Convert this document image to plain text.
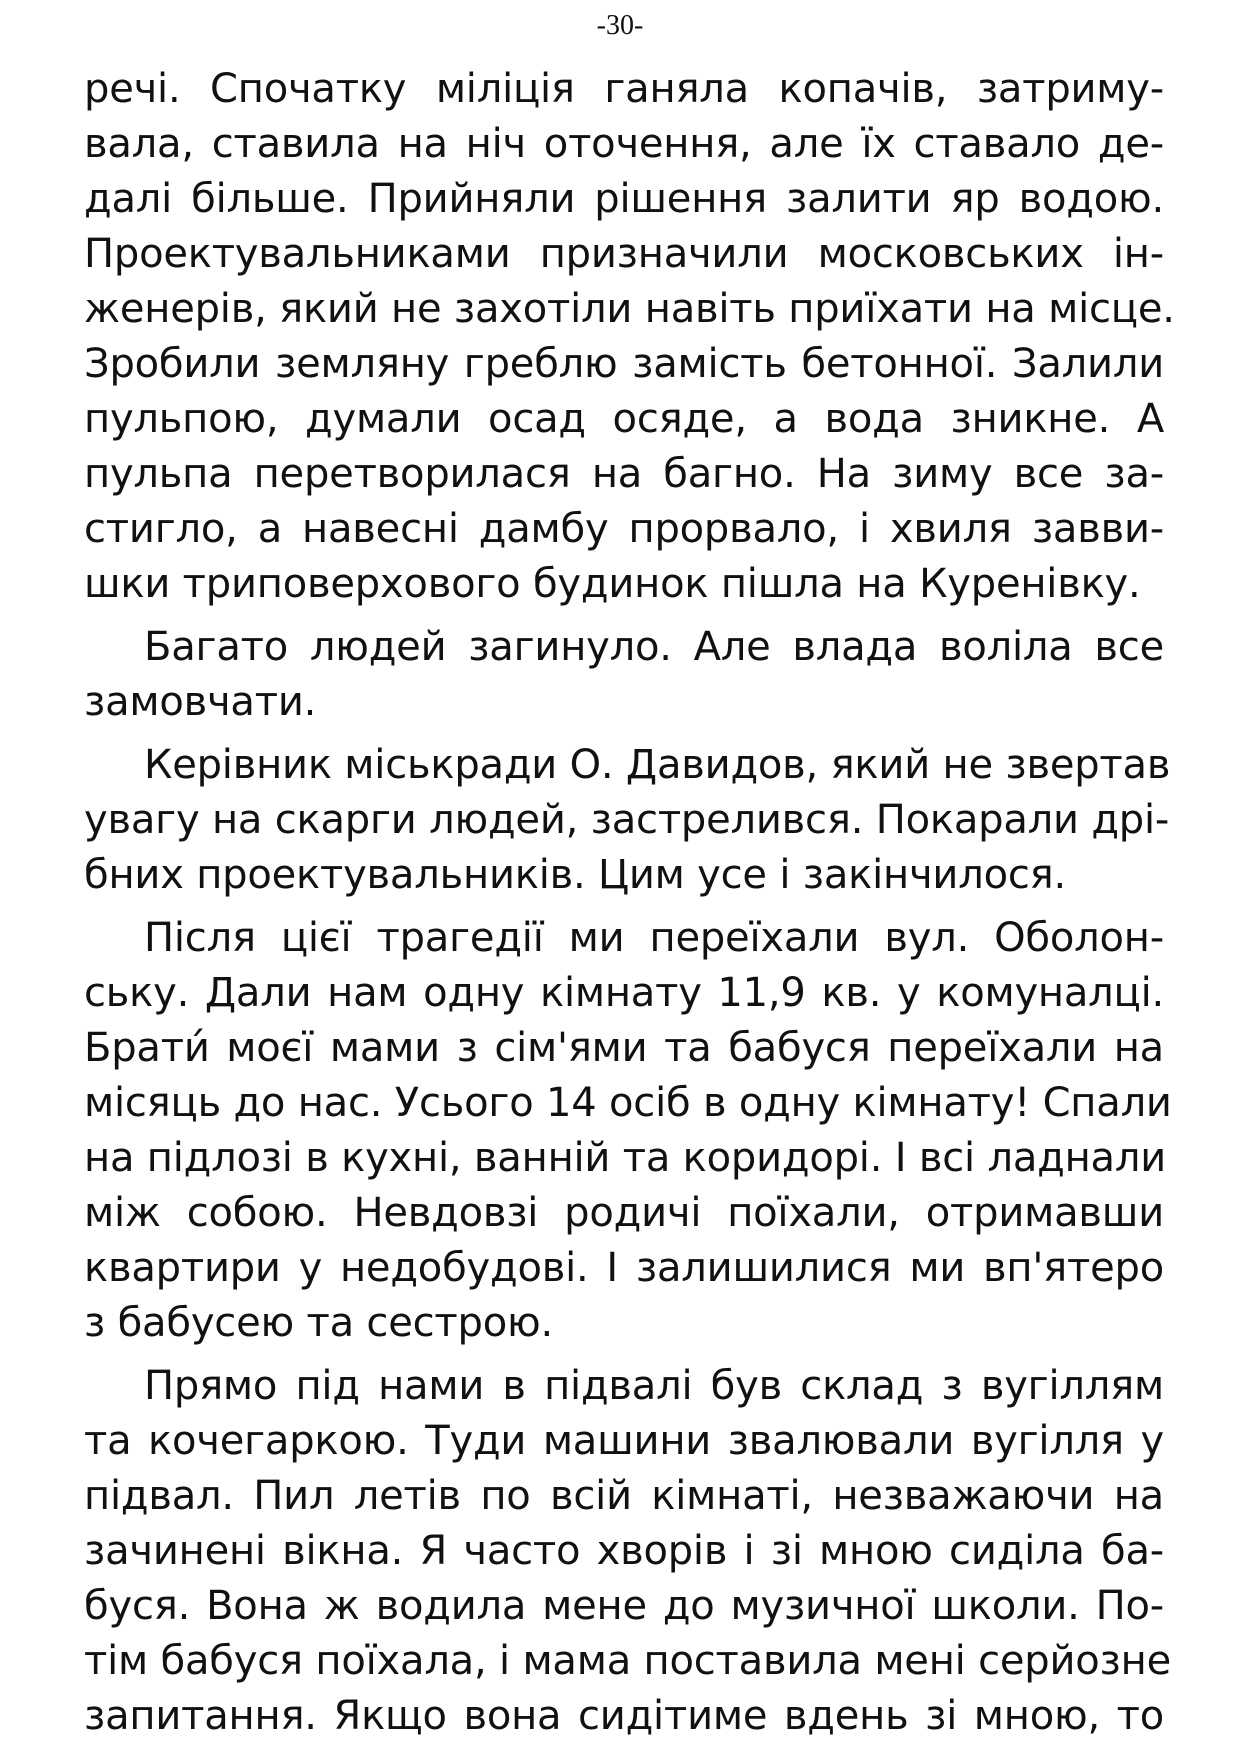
-30-
речі. Спочатку міліція ганяла копачів, затриму-
вала, ставила на ніч оточення, але їх ставало де-
далі більше. Прийняли рішення залити яр водою.
Проектувальниками призначили московських ін-
женерів, який не захотіли навіть приїхати на місце.
Зробили земляну греблю замість бетонної. Залили
пульпою, думали осад осяде, а вода зникне. А
пульпа перетворилася на багно. На зиму все за-
стигло, а навесні дамбу прорвало, і хвиля завви-
шки триповерхового будинок пішла на Куренівку.
Багато людей загинуло. Але влада воліла все
замовчати.
Керівник міськради О. Давидов, який не звертав
увагу на скарги людей, застрелився. Покарали дрі-
бних проектувальників. Цим усе і закінчилося.
Після цієї трагедії ми переїхали вул. Оболон-
ську. Дали нам одну кімнату 11,9 кв. у комуналці.
Брати́ моєї мами з сім'ями та бабуся переїхали на
місяць до нас. Усього 14 осіб в одну кімнату! Спали
на підлозі в кухні, ванній та коридорі. І всі ладнали
між собою. Невдовзі родичі поїхали, отримавши
квартири у недобудові. І залишилися ми вп'ятеро
з бабусею та сестрою.
Прямо під нами в підвалі був склад з вугіллям
та кочегаркою. Туди машини звалювали вугілля у
підвал. Пил летів по всій кімнаті, незважаючи на
зачинені вікна. Я часто хворів і зі мною сиділа ба-
буся. Вона ж водила мене до музичної школи. По-
тім бабуся поїхала, і мама поставила мені серйозне
запитання. Якщо вона сидітиме вдень зі мною, то
